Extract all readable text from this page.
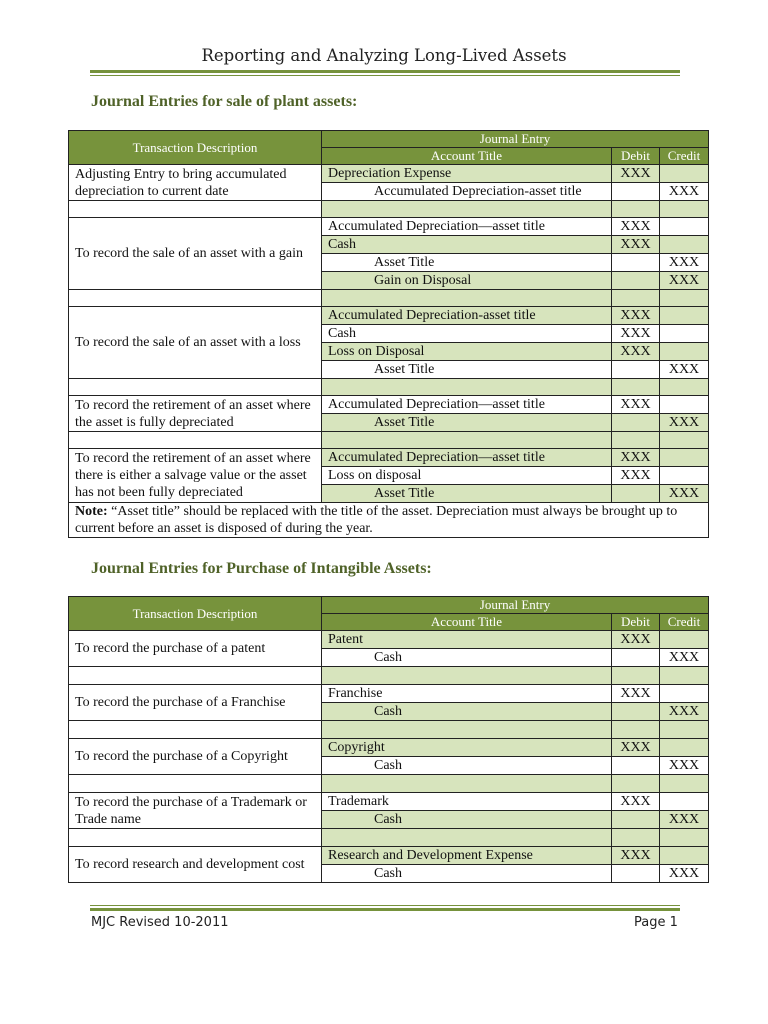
Reporting and Analyzing Long-Lived Assets
Journal Entries for sale of plant assets:
Transaction Description	Journal Entry		
	Account Title	Debit	Credit
Adjusting Entry to bring accumulated depreciation to current date	Depreciation Expense	XXX	
	Accumulated Depreciation-asset title		XXX

To record the sale of an asset with a gain	Accumulated Depreciation—asset title	XXX	
	Cash	XXX	
	Asset Title		XXX
	Gain on Disposal		XXX

To record the sale of an asset with a loss	Accumulated Depreciation-asset title	XXX	
	Cash	XXX	
	Loss on Disposal	XXX	
	Asset Title		XXX

To record the retirement of an asset where the asset is fully depreciated	Accumulated Depreciation—asset title	XXX	
	Asset Title		XXX

To record the retirement of an asset where there is either a salvage value or the asset has not been fully depreciated	Accumulated Depreciation—asset title	XXX	
	Loss on disposal	XXX	
	Asset Title		XXX
Note: “Asset title” should be replaced with the title of the asset. Depreciation must always be brought up to current before an asset is disposed of during the year.			
Journal Entries for Purchase of Intangible Assets:
Transaction Description	Journal Entry		
	Account Title	Debit	Credit
To record the purchase of a patent	Patent	XXX	
	Cash		XXX

To record the purchase of a Franchise	Franchise	XXX	
	Cash		XXX

To record the purchase of a Copyright	Copyright	XXX	
	Cash		XXX

To record the purchase of a Trademark or Trade name	Trademark	XXX	
	Cash		XXX

To record research and development cost	Research and Development Expense	XXX	
	Cash		XXX
MJC Revised 10-2011	Page 1
